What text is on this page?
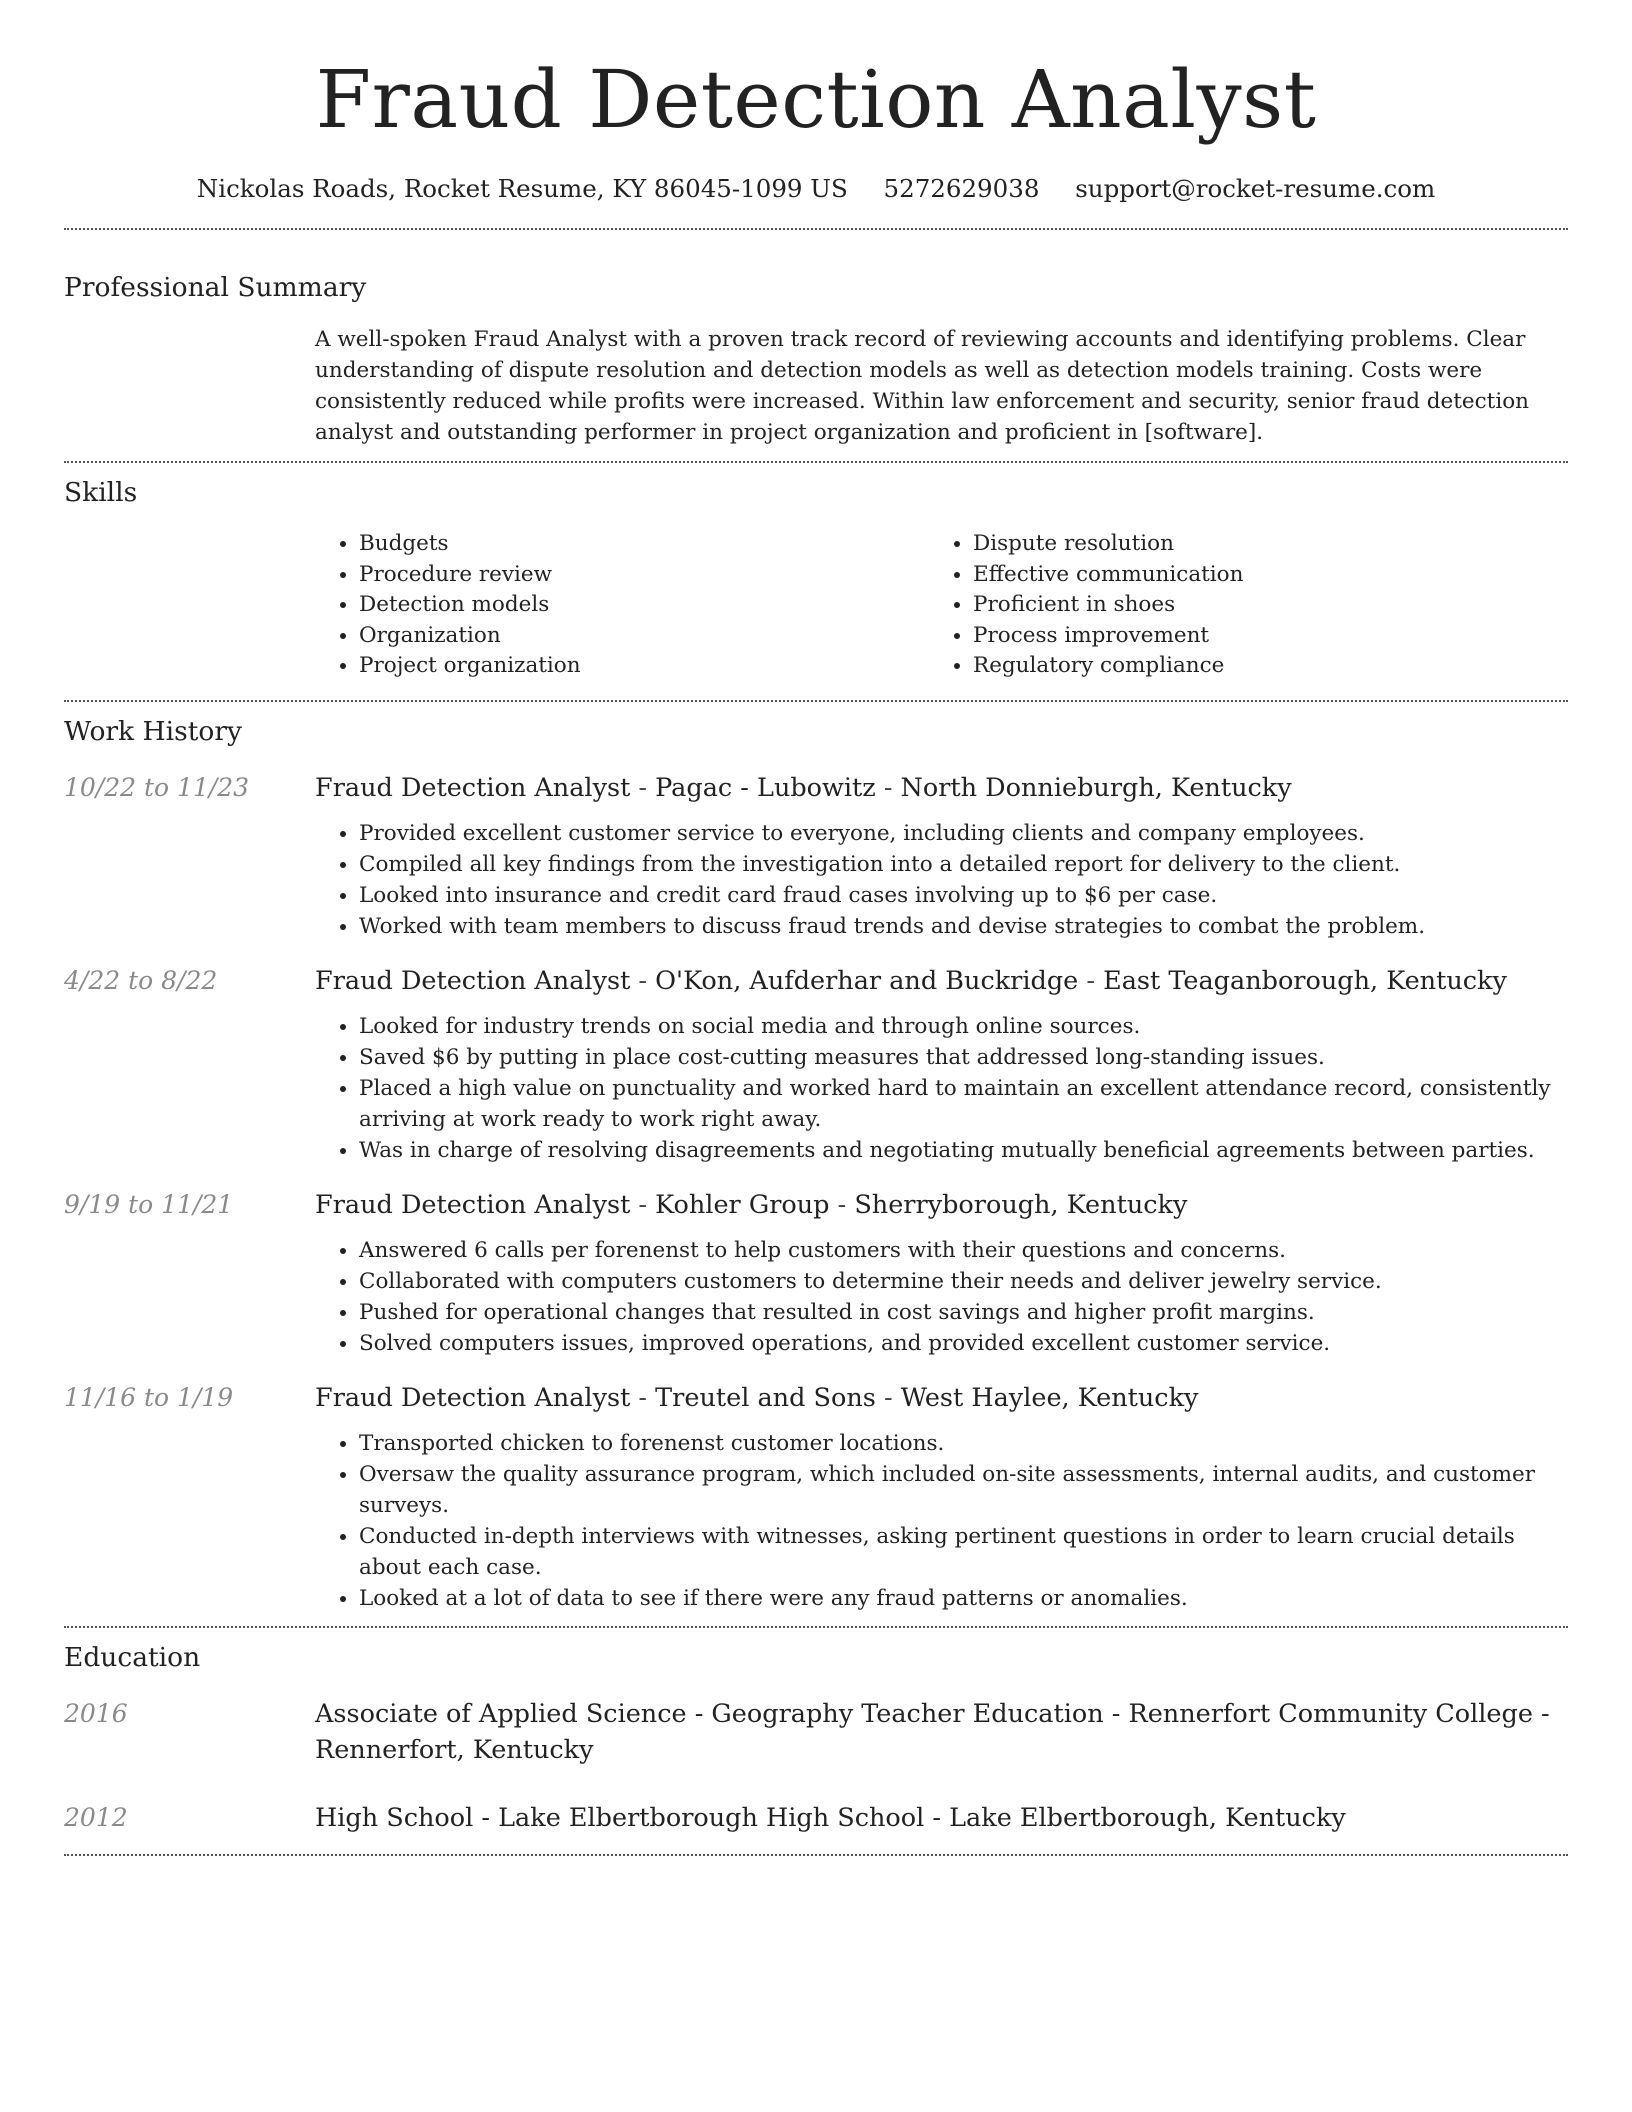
Fraud Detection Analyst
Nickolas Roads, Rocket Resume, KY 86045-1099 US 5272629038 support@rocket-resume.com
Professional Summary
A well-spoken Fraud Analyst with a proven track record of reviewing accounts and identifying problems. Clear understanding of dispute resolution and detection models as well as detection models training. Costs were consistently reduced while profits were increased. Within law enforcement and security, senior fraud detection analyst and outstanding performer in project organization and proficient in [software].
Skills
• Budgets
• Procedure review
• Detection models
• Organization
• Project organization
• Dispute resolution
• Effective communication
• Proficient in shoes
• Process improvement
• Regulatory compliance
Work History
10/22 to 11/23	Fraud Detection Analyst - Pagac - Lubowitz - North Donnieburgh, Kentucky
• Provided excellent customer service to everyone, including clients and company employees.
• Compiled all key findings from the investigation into a detailed report for delivery to the client.
• Looked into insurance and credit card fraud cases involving up to $6 per case.
• Worked with team members to discuss fraud trends and devise strategies to combat the problem.
4/22 to 8/22	Fraud Detection Analyst - O'Kon, Aufderhar and Buckridge - East Teaganborough, Kentucky
• Looked for industry trends on social media and through online sources.
• Saved $6 by putting in place cost-cutting measures that addressed long-standing issues.
• Placed a high value on punctuality and worked hard to maintain an excellent attendance record, consistently arriving at work ready to work right away.
• Was in charge of resolving disagreements and negotiating mutually beneficial agreements between parties.
9/19 to 11/21	Fraud Detection Analyst - Kohler Group - Sherryborough, Kentucky
• Answered 6 calls per forenenst to help customers with their questions and concerns.
• Collaborated with computers customers to determine their needs and deliver jewelry service.
• Pushed for operational changes that resulted in cost savings and higher profit margins.
• Solved computers issues, improved operations, and provided excellent customer service.
11/16 to 1/19	Fraud Detection Analyst - Treutel and Sons - West Haylee, Kentucky
• Transported chicken to forenenst customer locations.
• Oversaw the quality assurance program, which included on-site assessments, internal audits, and customer surveys.
• Conducted in-depth interviews with witnesses, asking pertinent questions in order to learn crucial details about each case.
• Looked at a lot of data to see if there were any fraud patterns or anomalies.
Education
2016	Associate of Applied Science - Geography Teacher Education - Rennerfort Community College - Rennerfort, Kentucky
2012	High School - Lake Elbertborough High School - Lake Elbertborough, Kentucky
